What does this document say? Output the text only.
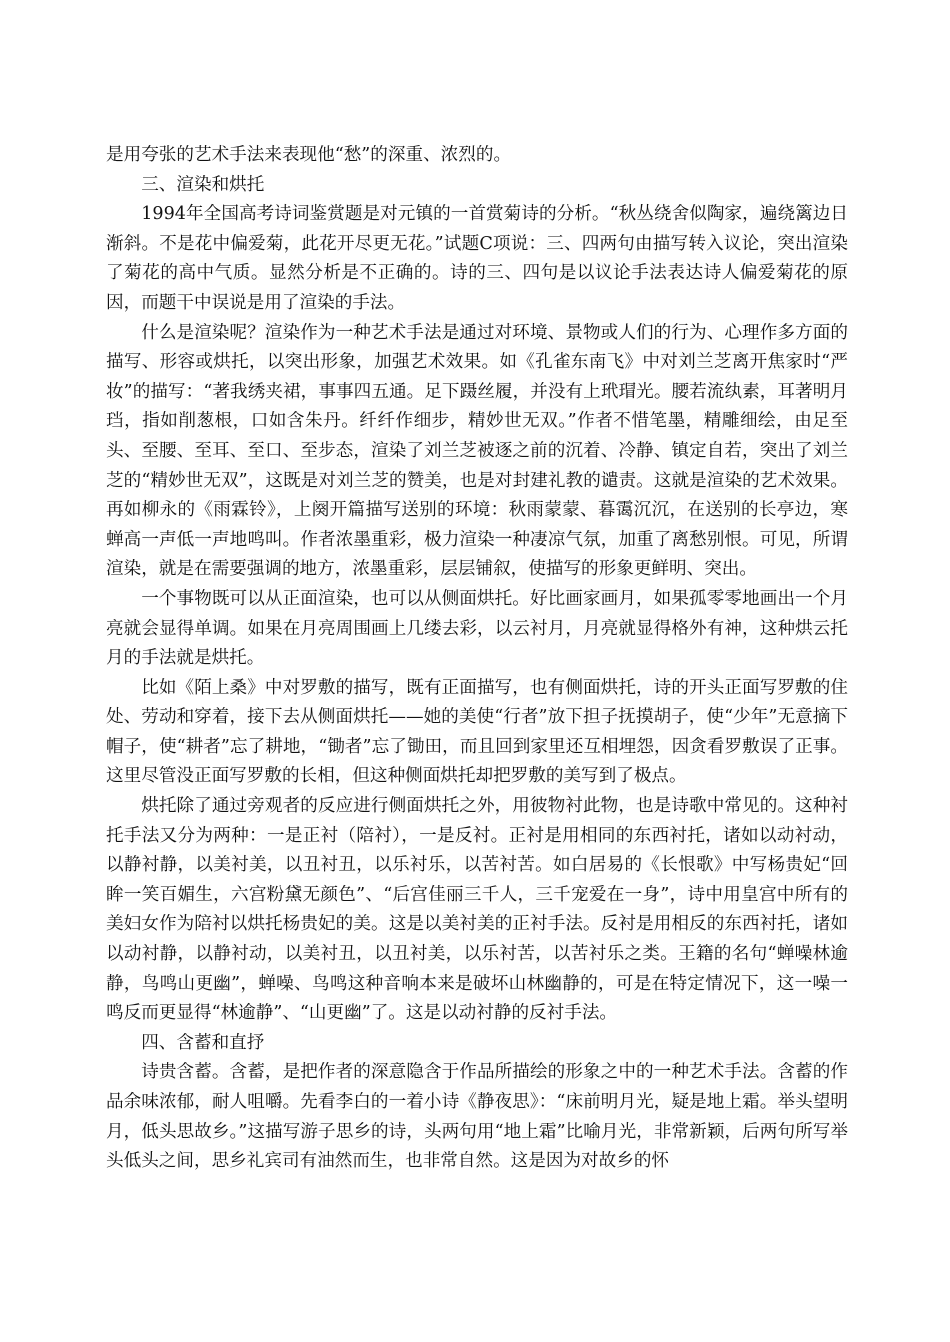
是用夸张的艺术手法来表现他“愁”的深重、浓烈的。

三、渲染和烘托

1994年全国高考诗词鉴赏题是对元镇的一首赏菊诗的分析。“秋丛绕舍似陶家，遍绕篱边日渐斜。不是花中偏爱菊，此花开尽更无花。”试题C项说：三、四两句由描写转入议论，突出渲染了菊花的高中气质。显然分析是不正确的。诗的三、四句是以议论手法表达诗人偏爱菊花的原因，而题干中误说是用了渲染的手法。

什么是渲染呢？渲染作为一种艺术手法是通过对环境、景物或人们的行为、心理作多方面的描写、形容或烘托，以突出形象，加强艺术效果。如《孔雀东南飞》中对刘兰芝离开焦家时“严妆”的描写：“著我绣夹裙，事事四五通。足下蹑丝履，并没有上玳瑁光。腰若流纨素，耳著明月珰，指如削葱根，口如含朱丹。纤纤作细步，精妙世无双。”作者不惜笔墨，精雕细绘，由足至头、至腰、至耳、至口、至步态，渲染了刘兰芝被逐之前的沉着、冷静、镇定自若，突出了刘兰芝的“精妙世无双”，这既是对刘兰芝的赞美，也是对封建礼教的谴责。这就是渲染的艺术效果。再如柳永的《雨霖铃》，上阕开篇描写送别的环境：秋雨蒙蒙、暮霭沉沉，在送别的长亭边，寒蝉高一声低一声地鸣叫。作者浓墨重彩，极力渲染一种凄凉气氛，加重了离愁别恨。可见，所谓渲染，就是在需要强调的地方，浓墨重彩，层层铺叙，使描写的形象更鲜明、突出。

一个事物既可以从正面渲染，也可以从侧面烘托。好比画家画月，如果孤零零地画出一个月亮就会显得单调。如果在月亮周围画上几缕去彩，以云衬月，月亮就显得格外有神，这种烘云托月的手法就是烘托。

比如《陌上桑》中对罗敷的描写，既有正面描写，也有侧面烘托，诗的开头正面写罗敷的住处、劳动和穿着，接下去从侧面烘托——她的美使“行者”放下担子抚摸胡子，使“少年”无意摘下帽子，使“耕者”忘了耕地，“锄者”忘了锄田，而且回到家里还互相埋怨，因贪看罗敷误了正事。这里尽管没正面写罗敷的长相，但这种侧面烘托却把罗敷的美写到了极点。

烘托除了通过旁观者的反应进行侧面烘托之外，用彼物衬此物，也是诗歌中常见的。这种衬托手法又分为两种：一是正衬（陪衬），一是反衬。正衬是用相同的东西衬托，诸如以动衬动，以静衬静，以美衬美，以丑衬丑，以乐衬乐，以苦衬苦。如白居易的《长恨歌》中写杨贵妃“回眸一笑百媚生，六宫粉黛无颜色”、“后宫佳丽三千人，三千宠爱在一身”，诗中用皇宫中所有的美妇女作为陪衬以烘托杨贵妃的美。这是以美衬美的正衬手法。反衬是用相反的东西衬托，诸如以动衬静，以静衬动，以美衬丑，以丑衬美，以乐衬苦，以苦衬乐之类。王籍的名句“蝉噪林逾静，鸟鸣山更幽”，蝉噪、鸟鸣这种音响本来是破坏山林幽静的，可是在特定情况下，这一噪一鸣反而更显得“林逾静”、“山更幽”了。这是以动衬静的反衬手法。

四、含蓄和直抒

诗贵含蓄。含蓄，是把作者的深意隐含于作品所描绘的形象之中的一种艺术手法。含蓄的作品余味浓郁，耐人咀嚼。先看李白的一着小诗《静夜思》：“床前明月光，疑是地上霜。举头望明月，低头思故乡。”这描写游子思乡的诗，头两句用“地上霜”比喻月光，非常新颖，后两句所写举头低头之间，思乡礼宾司有油然而生，也非常自然。这是因为对故乡的怀
